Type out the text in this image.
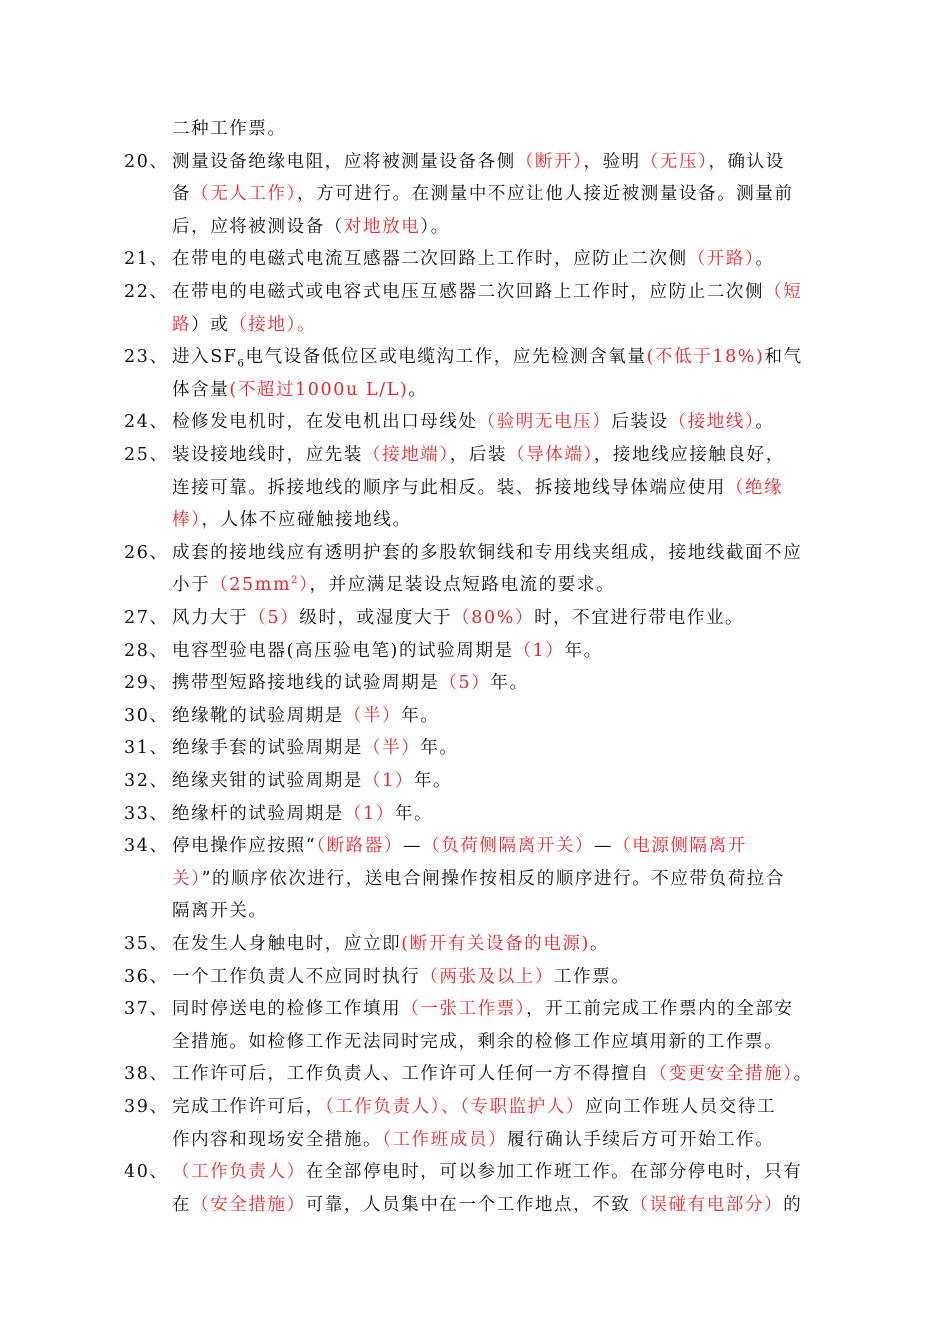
二种工作票。
20、 测量设备绝缘电阻，应将被测量设备各侧（断开），验明（无压），确认设
备（无人工作），方可进行。在测量中不应让他人接近被测量设备。测量前
后，应将被测设备（对地放电）。
21、 在带电的电磁式电流互感器二次回路上工作时，应防止二次侧（开路）。
22、 在带电的电磁式或电容式电压互感器二次回路上工作时，应防止二次侧（短
路）或（接地）。
23、 进入$SF_6$电气设备低位区或电缆沟工作，应先检测含氧量(不低于18%)和气
体含量(不超过1000u L/L)。
24、 检修发电机时，在发电机出口母线处（验明无电压）后装设（接地线）。
25、 装设接地线时，应先装（接地端），后装（导体端），接地线应接触良好，
连接可靠。拆接地线的顺序与此相反。装、拆接地线导体端应使用（绝缘
棒），人体不应碰触接地线。
26、 成套的接地线应有透明护套的多股软铜线和专用线夹组成，接地线截面不应
小于$(25mm^2)$，并应满足装设点短路电流的要求。
27、 风力大于（5）级时，或湿度大于（80%）时，不宜进行带电作业。
28、 电容型验电器(高压验电笔)的试验周期是（1）年。
29、 携带型短路接地线的试验周期是（5）年。
30、 绝缘靴的试验周期是（半）年。
31、 绝缘手套的试验周期是（半）年。
32、 绝缘夹钳的试验周期是（1）年。
33、 绝缘杆的试验周期是（1）年。
34、 停电操作应按照“（断路器）—（负荷侧隔离开关）—（电源侧隔离开
关）”的顺序依次进行，送电合闸操作按相反的顺序进行。不应带负荷拉合
隔离开关。
35、 在发生人身触电时，应立即(断开有关设备的电源)。
36、 一个工作负责人不应同时执行（两张及以上）工作票。
37、 同时停送电的检修工作填用（一张工作票），开工前完成工作票内的全部安
全措施。如检修工作无法同时完成，剩余的检修工作应填用新的工作票。
38、 工作许可后，工作负责人、工作许可人任何一方不得擅自（变更安全措施）。
39、 完成工作许可后，（工作负责人）、（专职监护人）应向工作班人员交待工
作内容和现场安全措施。（工作班成员）履行确认手续后方可开始工作。
40、 （工作负责人）在全部停电时，可以参加工作班工作。在部分停电时，只有
在（安全措施）可靠，人员集中在一个工作地点，不致（误碰有电部分）的
